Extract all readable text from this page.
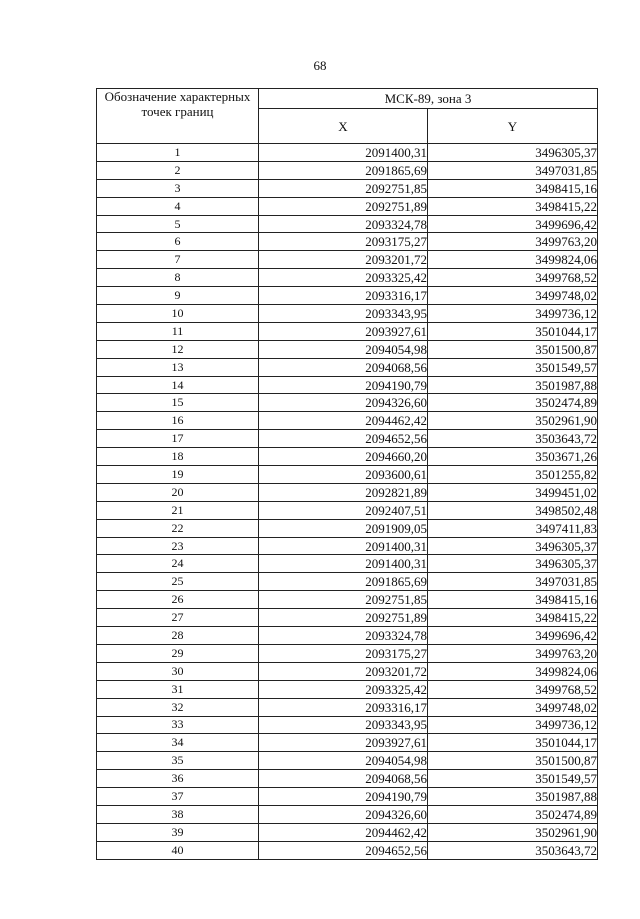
68
Обозначение характерных точек границ	МСК-89, зона 3	
	X	Y
1	2091400,31	3496305,37
2	2091865,69	3497031,85
3	2092751,85	3498415,16
4	2092751,89	3498415,22
5	2093324,78	3499696,42
6	2093175,27	3499763,20
7	2093201,72	3499824,06
8	2093325,42	3499768,52
9	2093316,17	3499748,02
10	2093343,95	3499736,12
11	2093927,61	3501044,17
12	2094054,98	3501500,87
13	2094068,56	3501549,57
14	2094190,79	3501987,88
15	2094326,60	3502474,89
16	2094462,42	3502961,90
17	2094652,56	3503643,72
18	2094660,20	3503671,26
19	2093600,61	3501255,82
20	2092821,89	3499451,02
21	2092407,51	3498502,48
22	2091909,05	3497411,83
23	2091400,31	3496305,37
24	2091400,31	3496305,37
25	2091865,69	3497031,85
26	2092751,85	3498415,16
27	2092751,89	3498415,22
28	2093324,78	3499696,42
29	2093175,27	3499763,20
30	2093201,72	3499824,06
31	2093325,42	3499768,52
32	2093316,17	3499748,02
33	2093343,95	3499736,12
34	2093927,61	3501044,17
35	2094054,98	3501500,87
36	2094068,56	3501549,57
37	2094190,79	3501987,88
38	2094326,60	3502474,89
39	2094462,42	3502961,90
40	2094652,56	3503643,72
